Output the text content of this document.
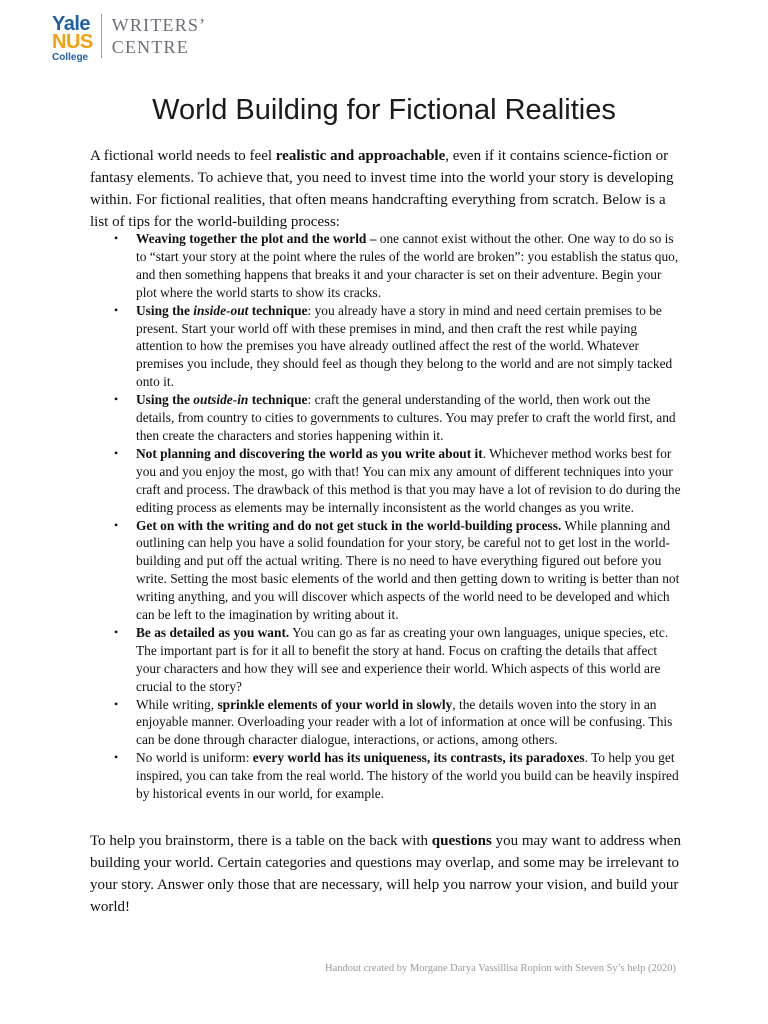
Yale
NUS
College
WRITERS’
CENTRE
World Building for Fictional Realities

A fictional world needs to feel realistic and approachable, even if it contains science-fiction or fantasy elements. To achieve that, you need to invest time into the world your story is developing within. For fictional realities, that often means handcrafting everything from scratch. Below is a list of tips for the world-building process:

• Weaving together the plot and the world – one cannot exist without the other. One way to do so is to “start your story at the point where the rules of the world are broken”: you establish the status quo, and then something happens that breaks it and your character is set on their adventure. Begin your plot where the world starts to show its cracks.
• Using the inside-out technique: you already have a story in mind and need certain premises to be present. Start your world off with these premises in mind, and then craft the rest while paying attention to how the premises you have already outlined affect the rest of the world. Whatever premises you include, they should feel as though they belong to the world and are not simply tacked onto it.
• Using the outside-in technique: craft the general understanding of the world, then work out the details, from country to cities to governments to cultures. You may prefer to craft the world first, and then create the characters and stories happening within it.
• Not planning and discovering the world as you write about it. Whichever method works best for you and you enjoy the most, go with that! You can mix any amount of different techniques into your craft and process. The drawback of this method is that you may have a lot of revision to do during the editing process as elements may be internally inconsistent as the world changes as you write.
• Get on with the writing and do not get stuck in the world-building process. While planning and outlining can help you have a solid foundation for your story, be careful not to get lost in the world-building and put off the actual writing. There is no need to have everything figured out before you write. Setting the most basic elements of the world and then getting down to writing is better than not writing anything, and you will discover which aspects of the world need to be developed and which can be left to the imagination by writing about it.
• Be as detailed as you want. You can go as far as creating your own languages, unique species, etc. The important part is for it all to benefit the story at hand. Focus on crafting the details that affect your characters and how they will see and experience their world. Which aspects of this world are crucial to the story?
• While writing, sprinkle elements of your world in slowly, the details woven into the story in an enjoyable manner. Overloading your reader with a lot of information at once will be confusing. This can be done through character dialogue, interactions, or actions, among others.
• No world is uniform: every world has its uniqueness, its contrasts, its paradoxes. To help you get inspired, you can take from the real world. The history of the world you build can be heavily inspired by historical events in our world, for example.

To help you brainstorm, there is a table on the back with questions you may want to address when building your world. Certain categories and questions may overlap, and some may be irrelevant to your story. Answer only those that are necessary, will help you narrow your vision, and build your world!

Handout created by Morgane Darya Vassillisa Ropion with Steven Sy’s help (2020)
